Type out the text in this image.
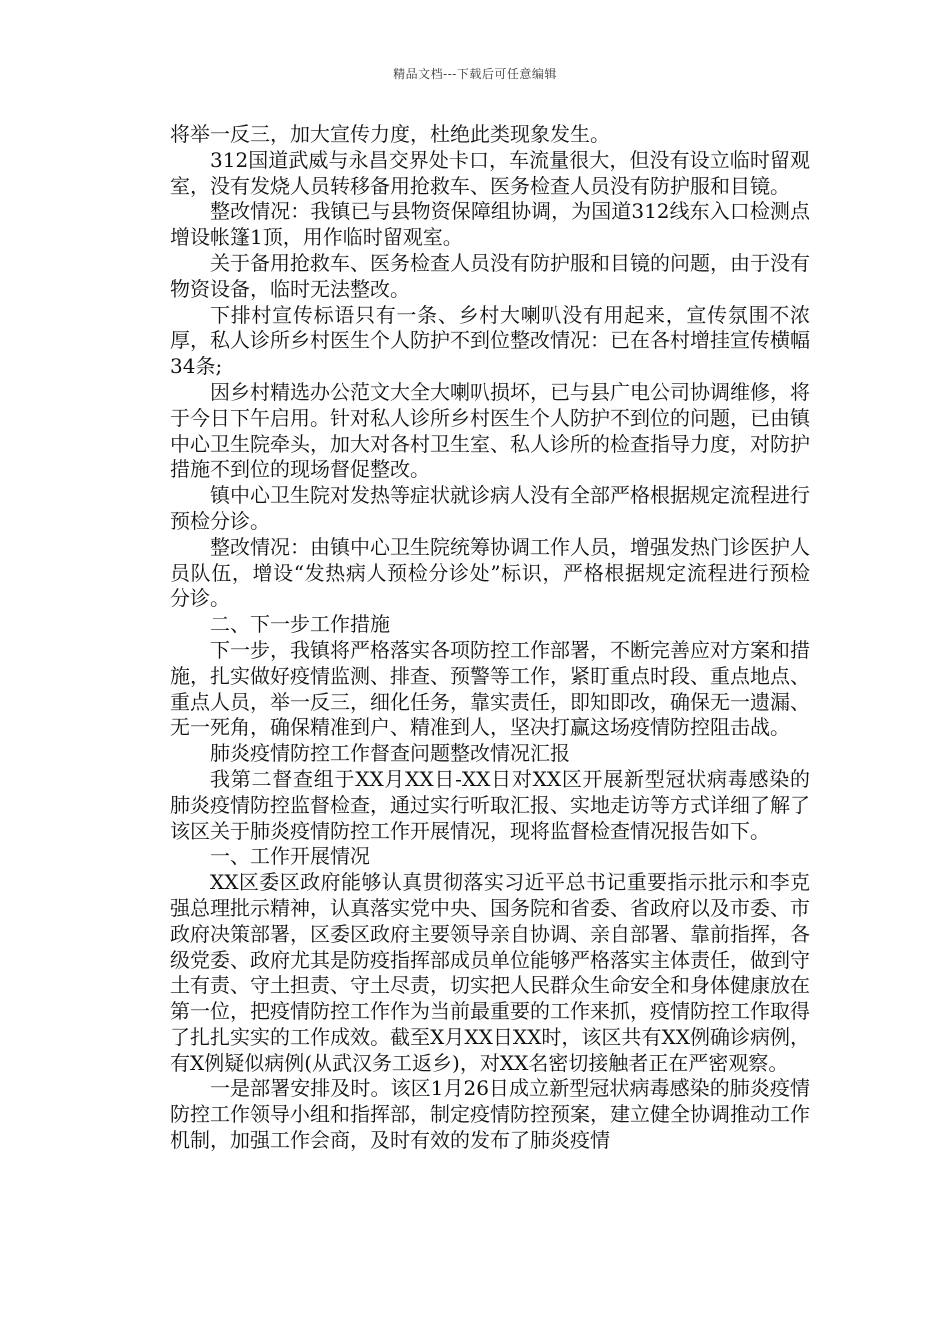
精品文档---下载后可任意编辑

将举一反三，加大宣传力度，杜绝此类现象发生。

312国道武威与永昌交界处卡口，车流量很大，但没有设立临时留观室，没有发烧人员转移备用抢救车、医务检查人员没有防护服和目镜。

整改情况：我镇已与县物资保障组协调，为国道312线东入口检测点增设帐篷1顶，用作临时留观室。

关于备用抢救车、医务检查人员没有防护服和目镜的问题，由于没有物资设备，临时无法整改。

下排村宣传标语只有一条、乡村大喇叭没有用起来，宣传氛围不浓厚，私人诊所乡村医生个人防护不到位整改情况：已在各村增挂宣传横幅34条;

因乡村精选办公范文大全大喇叭损坏，已与县广电公司协调维修，将于今日下午启用。针对私人诊所乡村医生个人防护不到位的问题，已由镇中心卫生院牵头，加大对各村卫生室、私人诊所的检查指导力度，对防护措施不到位的现场督促整改。

镇中心卫生院对发热等症状就诊病人没有全部严格根据规定流程进行预检分诊。

整改情况：由镇中心卫生院统筹协调工作人员，增强发热门诊医护人员队伍，增设“发热病人预检分诊处”标识，严格根据规定流程进行预检分诊。

二、下一步工作措施

下一步，我镇将严格落实各项防控工作部署，不断完善应对方案和措施，扎实做好疫情监测、排查、预警等工作，紧盯重点时段、重点地点、重点人员，举一反三，细化任务，靠实责任，即知即改，确保无一遗漏、无一死角，确保精准到户、精准到人，坚决打赢这场疫情防控阻击战。

肺炎疫情防控工作督查问题整改情况汇报

我第二督查组于XX月XX日-XX日对XX区开展新型冠状病毒感染的肺炎疫情防控监督检查，通过实行听取汇报、实地走访等方式详细了解了该区关于肺炎疫情防控工作开展情况，现将监督检查情况报告如下。

一、工作开展情况

XX区委区政府能够认真贯彻落实习近平总书记重要指示批示和李克强总理批示精神，认真落实党中央、国务院和省委、省政府以及市委、市政府决策部署，区委区政府主要领导亲自协调、亲自部署、靠前指挥，各级党委、政府尤其是防疫指挥部成员单位能够严格落实主体责任，做到守土有责、守土担责、守土尽责，切实把人民群众生命安全和身体健康放在第一位，把疫情防控工作作为当前最重要的工作来抓，疫情防控工作取得了扎扎实实的工作成效。截至X月XX日XX时，该区共有XX例确诊病例，有X例疑似病例(从武汉务工返乡)，对XX名密切接触者正在严密观察。

一是部署安排及时。该区1月26日成立新型冠状病毒感染的肺炎疫情防控工作领导小组和指挥部，制定疫情防控预案，建立健全协调推动工作机制，加强工作会商，及时有效的发布了肺炎疫情
